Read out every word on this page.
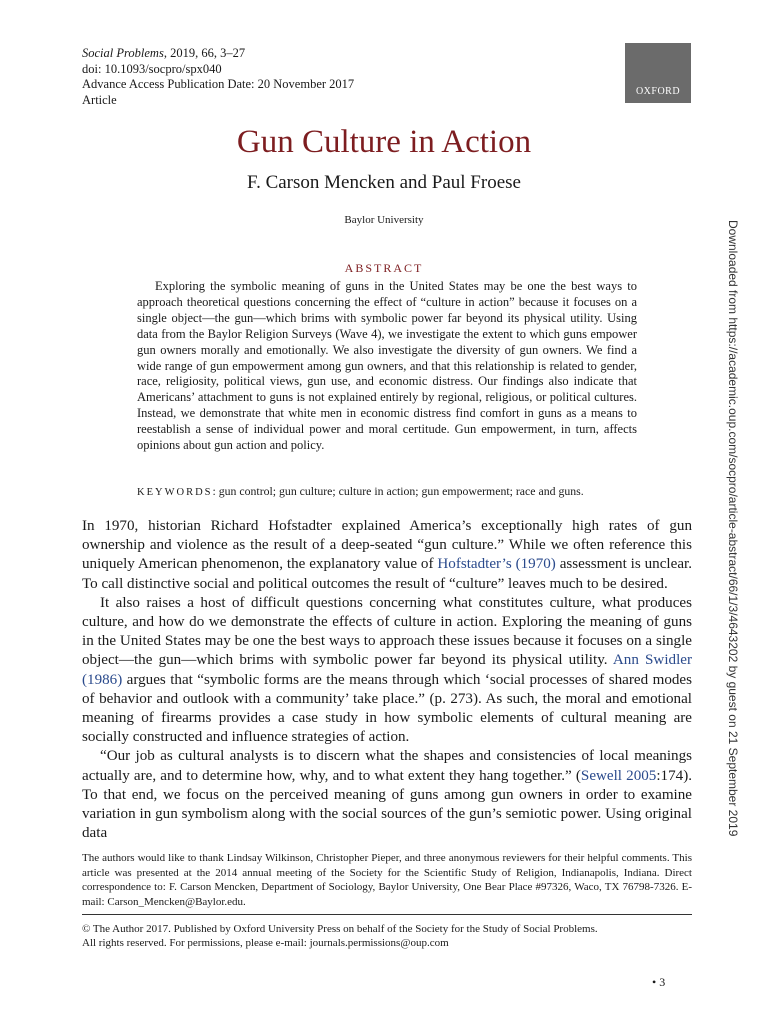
Social Problems, 2019, 66, 3–27
doi: 10.1093/socpro/spx040
Advance Access Publication Date: 20 November 2017
Article
OXFORD
Gun Culture in Action
F. Carson Mencken and Paul Froese
Baylor University
ABSTRACT

Exploring the symbolic meaning of guns in the United States may be one the best ways to approach theoretical questions concerning the effect of “culture in action” because it focuses on a single object—the gun—which brims with symbolic power far beyond its physical utility. Using data from the Baylor Religion Surveys (Wave 4), we investigate the extent to which guns empower gun owners morally and emotionally. We also investigate the diversity of gun owners. We find a wide range of gun empowerment among gun owners, and that this relationship is related to gender, race, religiosity, political views, gun use, and economic distress. Our findings also indicate that Americans’ attachment to guns is not explained entirely by regional, religious, or political cultures. Instead, we demonstrate that white men in economic distress find comfort in guns as a means to reestablish a sense of individual power and moral certitude. Gun empowerment, in turn, affects opinions about gun action and policy.

KEYWORDS: gun control; gun culture; culture in action; gun empowerment; race and guns.

In 1970, historian Richard Hofstadter explained America’s exceptionally high rates of gun ownership and violence as the result of a deep-seated “gun culture.” While we often reference this uniquely American phenomenon, the explanatory value of Hofstadter’s (1970) assessment is unclear. To call distinctive social and political outcomes the result of “culture” leaves much to be desired.

It also raises a host of difficult questions concerning what constitutes culture, what produces culture, and how do we demonstrate the effects of culture in action. Exploring the meaning of guns in the United States may be one the best ways to approach these issues because it focuses on a single object—the gun—which brims with symbolic power far beyond its physical utility. Ann Swidler (1986) argues that “symbolic forms are the means through which ‘social processes of shared modes of behavior and outlook with a community’ take place.” (p. 273). As such, the moral and emotional meaning of firearms provides a case study in how symbolic elements of cultural meaning are socially constructed and influence strategies of action.

“Our job as cultural analysts is to discern what the shapes and consistencies of local meanings actually are, and to determine how, why, and to what extent they hang together.” (Sewell 2005:174). To that end, we focus on the perceived meaning of guns among gun owners in order to examine variation in gun symbolism along with the social sources of the gun’s semiotic power. Using original data

The authors would like to thank Lindsay Wilkinson, Christopher Pieper, and three anonymous reviewers for their helpful comments. This article was presented at the 2014 annual meeting of the Society for the Scientific Study of Religion, Indianapolis, Indiana. Direct correspondence to: F. Carson Mencken, Department of Sociology, Baylor University, One Bear Place #97326, Waco, TX 76798-7326. E-mail: Carson_Mencken@Baylor.edu.

© The Author 2017. Published by Oxford University Press on behalf of the Society for the Study of Social Problems.
All rights reserved. For permissions, please e-mail: journals.permissions@oup.com
• 3
Downloaded from https://academic.oup.com/socpro/article-abstract/66/1/3/4643202 by guest on 21 September 2019
